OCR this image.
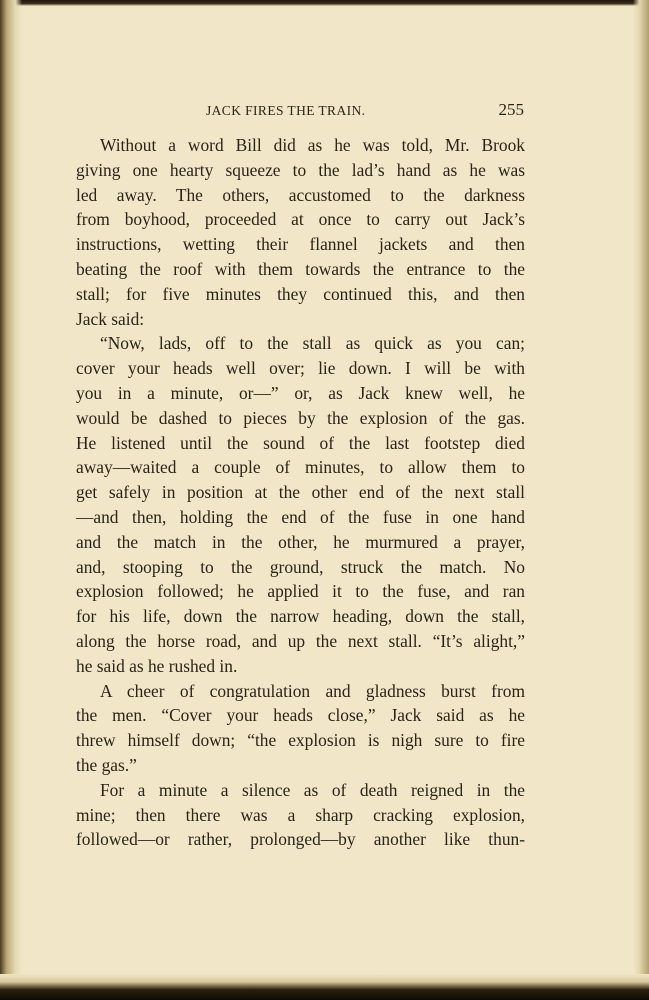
JACK FIRES THE TRAIN.	255
Without a word Bill did as he was told, Mr. Brook
giving one hearty squeeze to the lad’s hand as he was
led away. The others, accustomed to the darkness
from boyhood, proceeded at once to carry out Jack’s
instructions, wetting their flannel jackets and then
beating the roof with them towards the entrance to the
stall; for five minutes they continued this, and then
Jack said:
“Now, lads, off to the stall as quick as you can;
cover your heads well over; lie down. I will be with
you in a minute, or—” or, as Jack knew well, he
would be dashed to pieces by the explosion of the gas.
He listened until the sound of the last footstep died
away—waited a couple of minutes, to allow them to
get safely in position at the other end of the next stall
—and then, holding the end of the fuse in one hand
and the match in the other, he murmured a prayer,
and, stooping to the ground, struck the match. No
explosion followed; he applied it to the fuse, and ran
for his life, down the narrow heading, down the stall,
along the horse road, and up the next stall. “It’s alight,”
he said as he rushed in.
A cheer of congratulation and gladness burst from
the men. “Cover your heads close,” Jack said as he
threw himself down; “the explosion is nigh sure to fire
the gas.”
For a minute a silence as of death reigned in the
mine; then there was a sharp cracking explosion,
followed—or rather, prolonged—by another like thun-
